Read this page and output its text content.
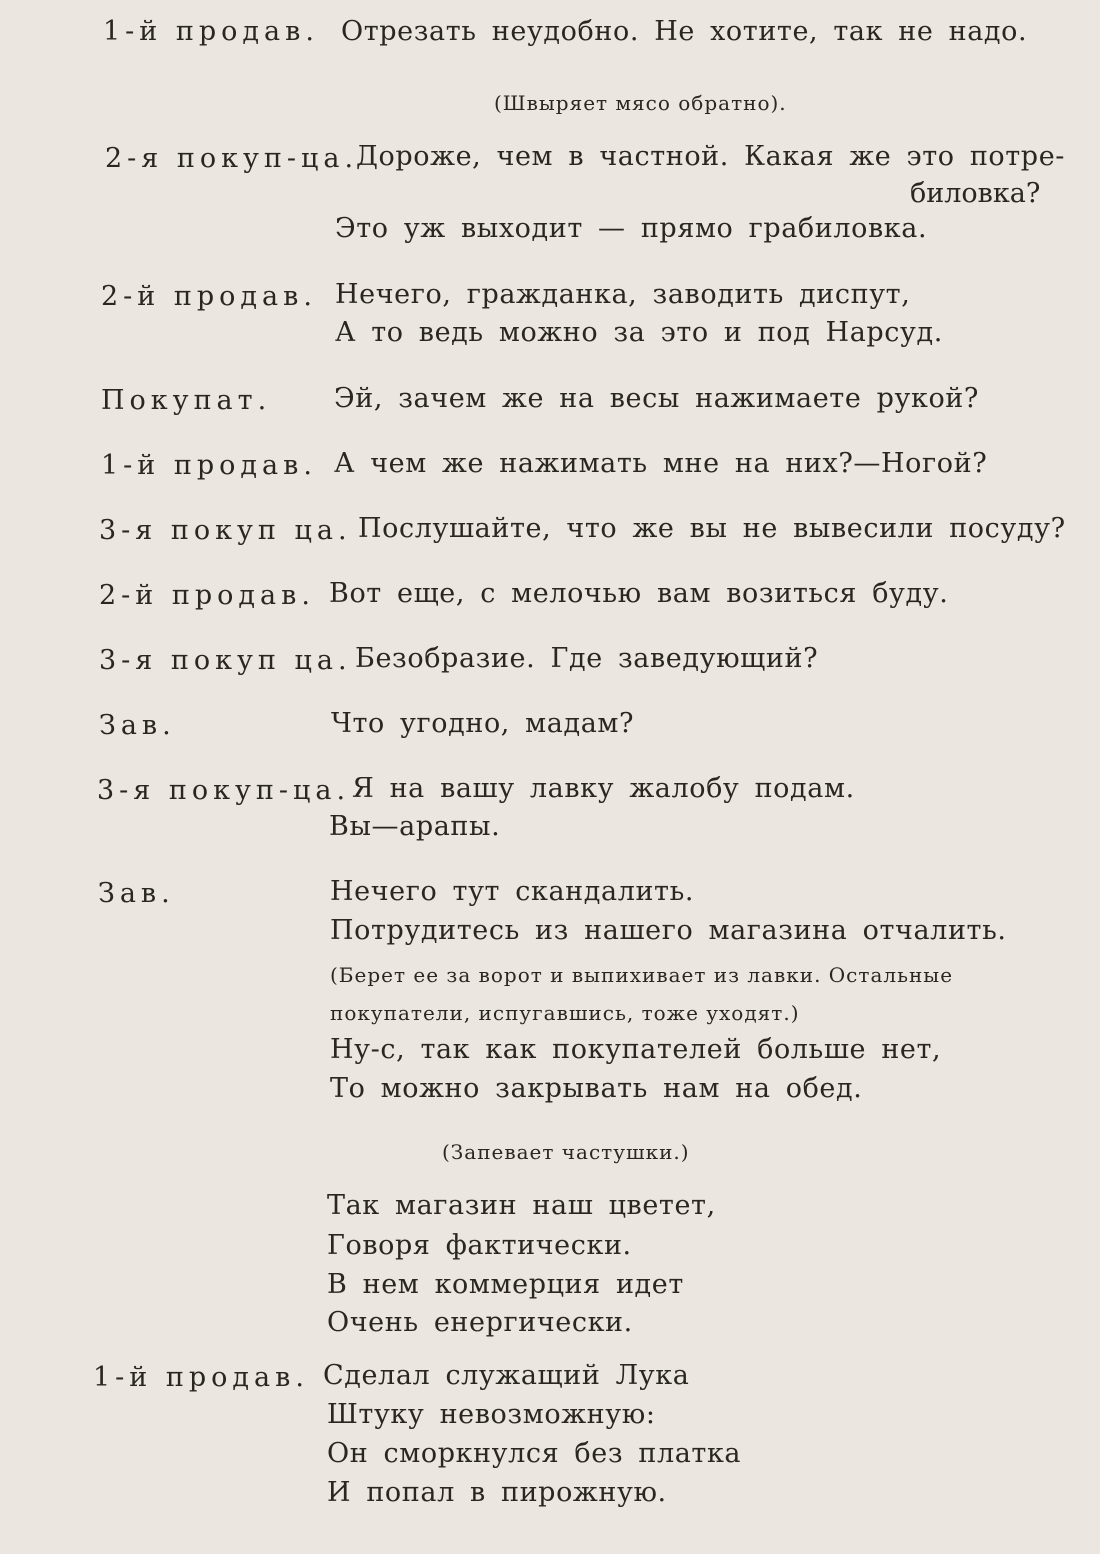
1-й продав. Отрезать неудобно. Не хотите, так не надо.
(Швыряет мясо обратно).
2-я покуп-ца.
Дороже, чем в частной. Какая же это потре-
биловка?
Это уж выходит — прямо грабиловка.
2-й продав. Нечего, гражданка, заводить диспут,
А то ведь можно за это и под Нарсуд.
Покупат. Эй, зачем же на весы нажимаете рукой?
1-й продав. А чем же нажимать мне на них?—Ногой?
3-я покуп ца. Послушайте, что же вы не вывесили посуду?
2-й продав. Вот еще, с мелочью вам возиться буду.
3-я покуп ца. Безобразие. Где заведующий?
Зав.	Что угодно, мадам?
3-я покуп-ца. Я на вашу лавку жалобу подам.
Вы—арапы.
Зав.	Нечего тут скандалить.
Потрудитесь из нашего магазина отчалить.
(Берет ее за ворот и выпихивает из лавки. Остальные
покупатели, испугавшись, тоже уходят.)
Ну-с, так как покупателей больше нет,
То можно закрывать нам на обед.
(Запевает частушки.)
Так магазин наш цветет,
Говоря фактически.
В нем коммерция идет
Очень енергически.
1-й продав. Сделал служащий Лука
Штуку невозможную:
Он сморкнулся без платка
И попал в пирожную.
